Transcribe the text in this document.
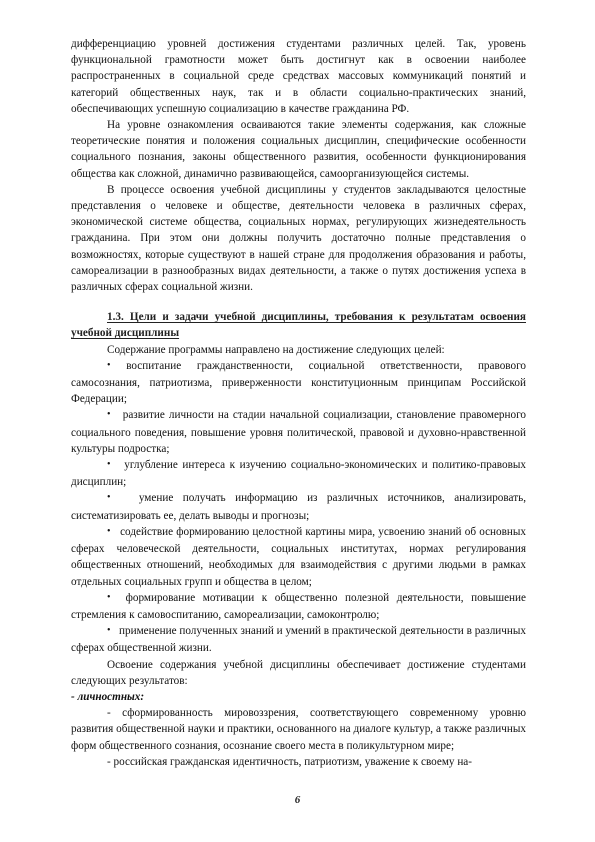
дифференциацию уровней достижения студентами различных целей. Так, уровень функциональной грамотности может быть достигнут как в освоении наиболее распространенных в социальной среде средствах массовых коммуникаций понятий и категорий общественных наук, так и в области социально-практических знаний, обеспечивающих успешную социализацию в качестве гражданина РФ.

На уровне ознакомления осваиваются такие элементы содержания, как сложные теоретические понятия и положения социальных дисциплин, специфические особенности социального познания, законы общественного развития, особенности функционирования общества как сложной, динамично развивающейся, самоорганизующейся системы.

В процессе освоения учебной дисциплины у студентов закладываются целостные представления о человеке и обществе, деятельности человека в различных сферах, экономической системе общества, социальных нормах, регулирующих жизнедеятельность гражданина. При этом они должны получить достаточно полные представления о возможностях, которые существуют в нашей стране для продолжения образования и работы, самореализации в разнообразных видах деятельности, а также о путях достижения успеха в различных сферах социальной жизни.

1.3. Цели и задачи учебной дисциплины, требования к результатам освоения учебной дисциплины

Содержание программы направлено на достижение следующих целей:

• воспитание гражданственности, социальной ответственности, правового самосознания, патриотизма, приверженности конституционным принципам Российской Федерации;

• развитие личности на стадии начальной социализации, становление правомерного социального поведения, повышение уровня политической, правовой и духовно-нравственной культуры подростка;

• углубление интереса к изучению социально-экономических и политико-правовых дисциплин;

•	умение получать информацию из различных источников, анализировать, систематизировать ее, делать выводы и прогнозы;

• содействие формированию целостной картины мира, усвоению знаний об основных сферах человеческой деятельности, социальных институтах, нормах регулирования общественных отношений, необходимых для взаимодействия с другими людьми в рамках отдельных социальных групп и общества в целом;

• формирование мотивации к общественно полезной деятельности, повышение стремления к самовоспитанию, самореализации, самоконтролю;

• применение полученных знаний и умений в практической деятельности в различных сферах общественной жизни.

Освоение содержания учебной дисциплины обеспечивает достижение студентами следующих результатов:

- личностных:

- сформированность мировоззрения, соответствующего современному уровню развития общественной науки и практики, основанного на диалоге культур, а также различных форм общественного сознания, осознание своего места в поликультурном мире;

- российская гражданская идентичность, патриотизм, уважение к своему на-

6
